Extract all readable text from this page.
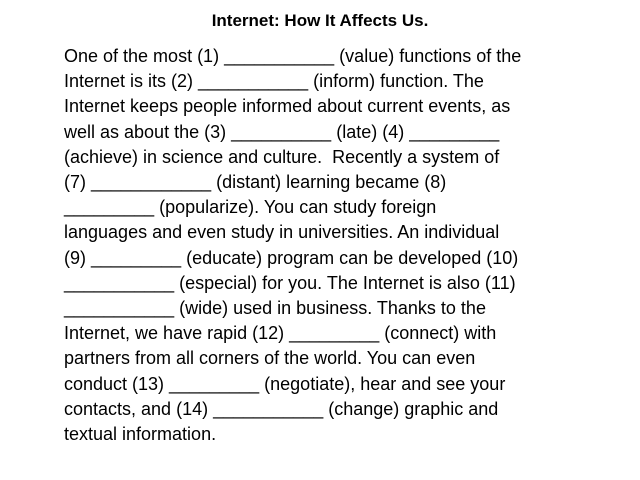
Internet: How It Affects Us.
One of the most (1) ___________ (value) functions of the
Internet is its (2) ___________ (inform) function. The
Internet keeps people informed about current events, as
well as about the (3) __________ (late) (4) _________
(achieve) in science and culture.  Recently a system of
(7) ____________ (distant) learning became (8)
_________ (popularize). You can study foreign
languages and even study in universities. An individual
(9) _________ (educate) program can be developed (10)
___________ (especial) for you. The Internet is also (11)
___________ (wide) used in business. Thanks to the
Internet, we have rapid (12) _________ (connect) with
partners from all corners of the world. You can even
conduct (13) _________ (negotiate), hear and see your
contacts, and (14) ___________ (change) graphic and
textual information.
